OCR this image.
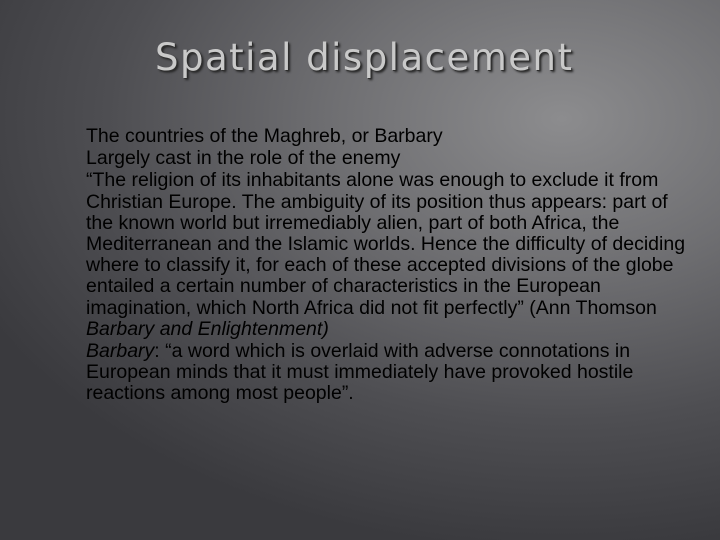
Spatial displacement
The countries of the Maghreb, or Barbary
Largely cast in the role of the enemy
“The religion of its inhabitants alone was enough to exclude it from Christian Europe. The ambiguity of its position thus appears: part of the known world but irremediably alien, part of both Africa, the Mediterranean and the Islamic worlds. Hence the difficulty of deciding where to classify it, for each of these accepted divisions of the globe entailed a certain number of characteristics in the European imagination, which North Africa did not fit perfectly” (Ann Thomson Barbary and Enlightenment)
Barbary: “a word which is overlaid with adverse connotations in European minds that it must immediately have provoked hostile reactions among most people”.
